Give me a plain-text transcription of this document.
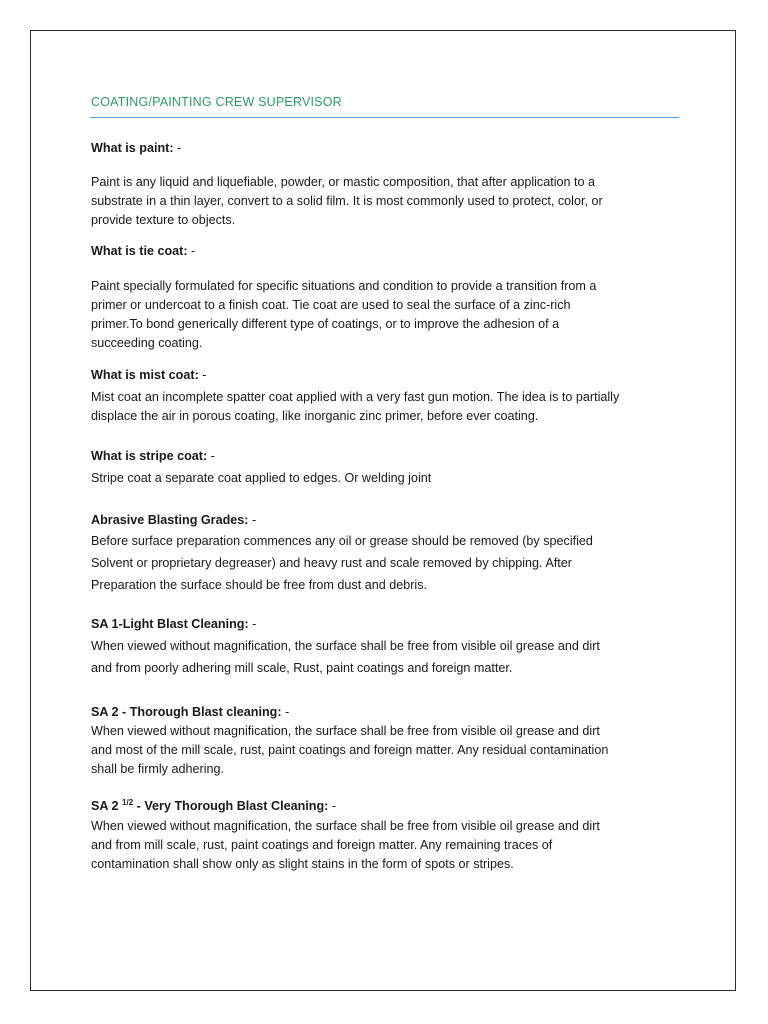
COATING/PAINTING CREW SUPERVISOR
What is paint: -
Paint is any liquid and liquefiable, powder, or mastic composition, that after application to a
substrate in a thin layer, convert to a solid film. It is most commonly used to protect, color, or
provide texture to objects.
What is tie coat: -
Paint specially formulated for specific situations and condition to provide a transition from a
primer or undercoat to a finish coat. Tie coat are used to seal the surface of a zinc-rich
primer.To bond generically different type of coatings, or to improve the adhesion of a
succeeding coating.
What is mist coat: -
Mist coat an incomplete spatter coat applied with a very fast gun motion. The idea is to partially
displace the air in porous coating, like inorganic zinc primer, before ever coating.
What is stripe coat: -
Stripe coat a separate coat applied to edges. Or welding joint
Abrasive Blasting Grades: -
Before surface preparation commences any oil or grease should be removed (by specified
Solvent or proprietary degreaser) and heavy rust and scale removed by chipping. After
Preparation the surface should be free from dust and debris.
SA 1-Light Blast Cleaning: -
When viewed without magnification, the surface shall be free from visible oil grease and dirt
and from poorly adhering mill scale, Rust, paint coatings and foreign matter.
SA 2 - Thorough Blast cleaning: -
When viewed without magnification, the surface shall be free from visible oil grease and dirt
and most of the mill scale, rust, paint coatings and foreign matter. Any residual contamination
shall be firmly adhering.
SA 2 $^{1/2}$ - Very Thorough Blast Cleaning: -
When viewed without magnification, the surface shall be free from visible oil grease and dirt
and from mill scale, rust, paint coatings and foreign matter. Any remaining traces of
contamination shall show only as slight stains in the form of spots or stripes.
